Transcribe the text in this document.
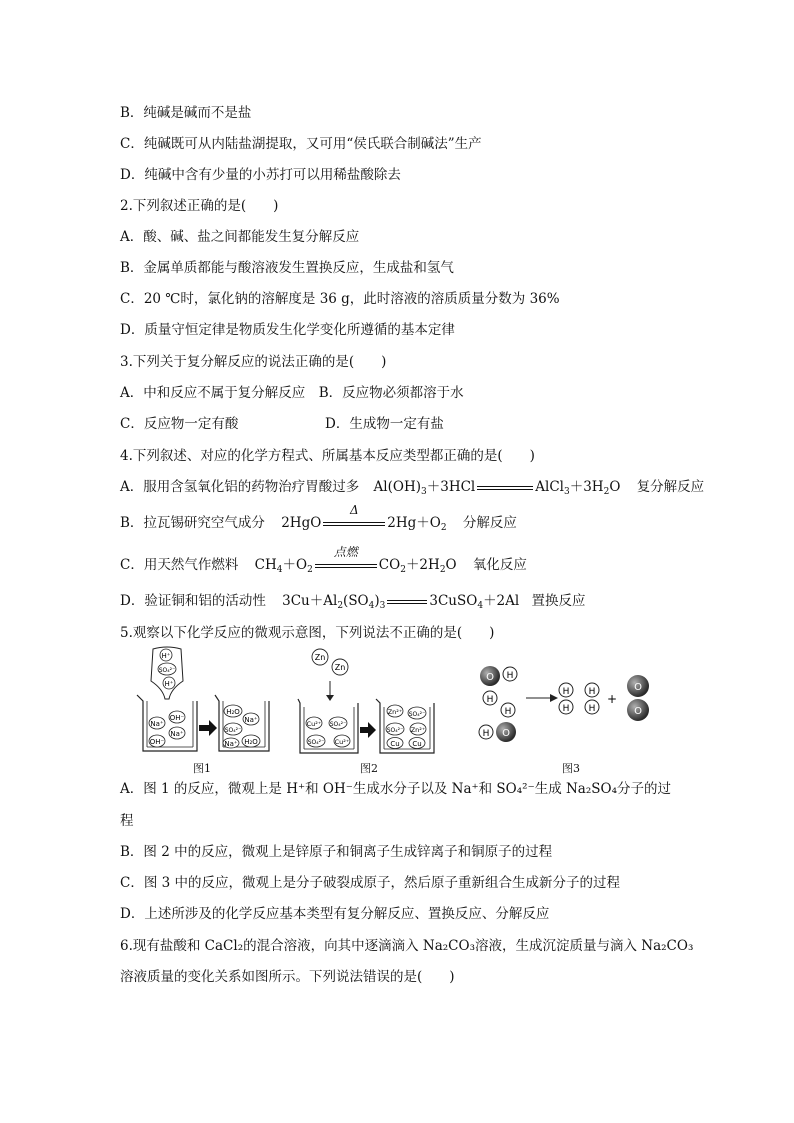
B．纯碱是碱而不是盐
C．纯碱既可从内陆盐湖提取，又可用“侯氏联合制碱法”生产
D．纯碱中含有少量的小苏打可以用稀盐酸除去
2.下列叙述正确的是(　　)
A．酸、碱、盐之间都能发生复分解反应
B．金属单质都能与酸溶液发生置换反应，生成盐和氢气
C．20 ℃时，氯化钠的溶解度是 36 g，此时溶液的溶质质量分数为 36%
D．质量守恒定律是物质发生化学变化所遵循的基本定律
3.下列关于复分解反应的说法正确的是(　　)
A．中和反应不属于复分解反应　B．反应物必须都溶于水
C．反应物一定有酸	D．生成物一定有盐
4.下列叙述、对应的化学方程式、所属基本反应类型都正确的是(　　)
A．服用含氢氧化铝的药物治疗胃酸过多 $Al(OH)_3+3HCl$	$AlCl_3+3H_2O$ 复分解反应
B．拉瓦锡研究空气成分 2HgO
Δ
$2Hg+O_2$ 分解反应
C．用天然气作燃料 $CH_4+O_2$
点燃
$CO_2+2H_2O$ 氧化反应
D．验证铜和铝的活动性 $3Cu+Al_2(SO_4)_3$	3CuSO$_4$＋2Al 置换反应
5.观察以下化学反应的微观示意图，下列说法不正确的是(　　)
H⁺
SO₄²⁻
H⁺
Na⁺
OH⁻
Na⁺
OH⁻
H₂O
Na⁺
SO₄²⁻
Na⁺ H₂O
图1
Zn
Zn
Cu²⁺ SO₄²⁻
SO₄²⁻ Cu²⁺
Zn²⁺ SO₄²⁻
SO₄²⁻ Zn²⁺
Cu Cu
图2
O H
H
H
H O
H
H
H
H
+
O
O
图3
A．图 1 的反应，微观上是 H⁺和 OH⁻生成水分子以及 Na⁺和 SO₄²⁻生成 Na₂SO₄分子的过
程
B．图 2 中的反应，微观上是锌原子和铜离子生成锌离子和铜原子的过程
C．图 3 中的反应，微观上是分子破裂成原子，然后原子重新组合生成新分子的过程
D．上述所涉及的化学反应基本类型有复分解反应、置换反应、分解反应
6.现有盐酸和 CaCl₂的混合溶液，向其中逐滴滴入 Na₂CO₃溶液，生成沉淀质量与滴入 Na₂CO₃
溶液质量的变化关系如图所示。下列说法错误的是(　　)
